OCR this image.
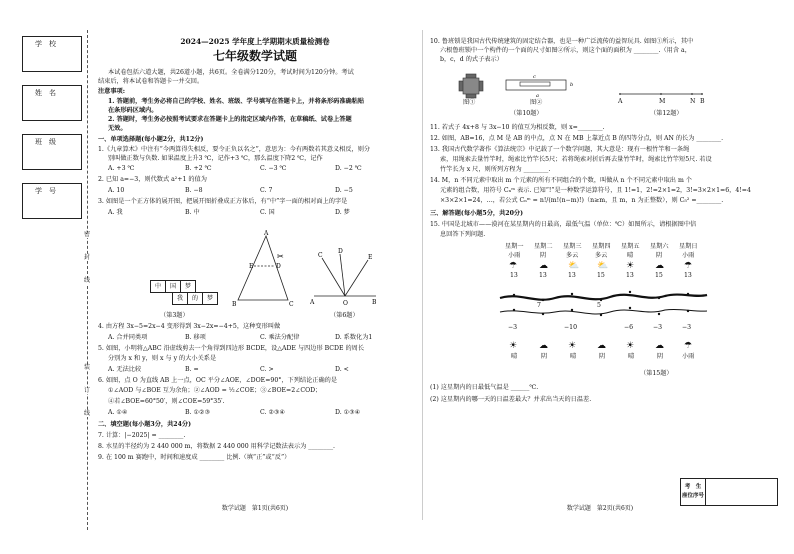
学　校
姓　名
班　级
学　号
密
封
线
装
订
线
2024—2025 学年度上学期期末质量检测卷
七年级数学试题
本试卷包括六道大题，共26道小题，共6页。全卷满分120分，考试时间为120分钟。考试
结束后，将本试卷和答题卡一并交回。
注意事项:
1. 答题前，考生务必将自己的学校、姓名、班级、学号填写在答题卡上，并将条形码准确粘贴
在条形码区域内。
2. 答题时，考生务必按照考试要求在答题卡上的指定区域内作答，在草稿纸、试卷上答题
无效。
一、单项选择题(每小题2分，共12分)
1.《九章算术》中注有“今两算得失相反，要令正负以名之”，意思为：今有两数若其意义相反，则分
别叫做正数与负数. 如果温度上升3 ℃，记作+3 ℃，那么温度下降2 ℃，记作
A. +3 ℃	B. +2 ℃	C. −3 ℃	D. −2 ℃
2. 已知 a=−3，则代数式 a²+1 的值为
A. 10	B. −8	C. 7	D. −5
3. 如图是一个正方体的展开图，把展开图折叠成正方体后，有“中”字一面的相对面上的字是
A. 我	B. 中	C. 国	D. 梦
中	国	梦
我	的	梦
（第3题）
A
B	C
E	D
✂
A	B
O
C
D
E
（第6题）
4. 由方程 3x−5=2x−4 变形得到 3x−2x=−4+5，这种变形叫做
A. 合并同类项	B. 移项	C. 乘法分配律	D. 系数化为1
5. 如图，小明将△ABC 沿虚线剪去一个角得到四边形 BCDE，设△ADE 与四边形 BCDE 的周长
分别为 x 和 y，则 x 与 y 的大小关系是
A. 无法比较	B. =	C. >	D. <
6. 如图，点 O 为直线 AB 上一点，OC 平分∠AOE，∠DOE=90°，下列结论正确的是
①∠AOD 与∠BOE 互为余角；②∠AOD = ½∠COE；③∠BOE=2∠COD；
④若∠BOE=60°50′，则∠COE=59°35′.
A. ①④	B. ①②③	C. ②③④	D. ①③④
二、填空题(每小题3分，共24分)
7. 计算：|−2025| = ________.
8. 水星的半径约为 2 440 000 m，将数据 2 440 000 用科学记数法表示为 ________.
9. 在 100 m 赛跑中，时间和速度成 ________ 比例.（填“正”或“反”）
数学试题　第1页(共6页)
10. 鲁班锁是我国古代传统建筑的固定结合器，也是一种广泛流传的益智玩具. 如图①所示，其中
六根鲁班锁中一个构件的一个面的尺寸如图②所示，则这个面的面积为 ________.（用含 a，
b，c，d 的式子表示）
b
c
a
图①	图②
（第10题）
A	M	N B
（第12题）
11. 若式子 4x+8 与 3x−10 的值互为相反数，则 x=________.
12. 如图，AB=16，点 M 是 AB 的中点，点 N 在 MB 上靠近点 B 的四等分点，则 AN 的长为 ________.
13. 我国古代数学著作《算法统宗》中记载了一个数学问题，其大意是：现有一根竹竿和一条绳
索，用绳索去量竹竿时，绳索比竹竿长5尺；若将绳索对折后再去量竹竿时，绳索比竹竿短5尺. 若设
竹竿长为 x 尺，则所列方程为 ________.
14. M，n 不同元素中取出 m 个元素的所有不同组合的个数，叫做从 n 个不同元素中取出 m 个
元素的组合数，用符号 Cₙᵐ 表示. 已知“!”是一种数学运算符号，且 1!=1，2!=2×1=2，3!=3×2×1=6，4!=4
×3×2×1=24，…，若公式 Cₙᵐ = n!/(m!(n−m)!)（n≥m，且 m，n 为正整数），则 C₅² =________.
三、解答题(每小题5分，共20分)
15. 中国是北城市——漠河在某星期内的日最高，最低气温（单位：℃）如图所示，请根据图中信
息回答下列问题.
星期一 星期二 星期三 星期四 星期五 星期六 星期日
小雨	阴	多云	多云	晴	阴	小雨
☂ ☁ ⛅ ⛅ ☀ ☁ ☂
13	13	13	15	13	15	13
−3
7
−10
5
−6	−3	−3
☀ ☁ ☀ ☁ ☀ ☁ ☂
晴	阴	晴	阴	晴	阴	小雨
（第15题）
(1) 这星期内的日最低气温是 ______℃.
(2) 这星期内的哪一天的日温差最大？并求出当天的日温差.
考　生
座位序号
数学试题　第2页(共6页)
